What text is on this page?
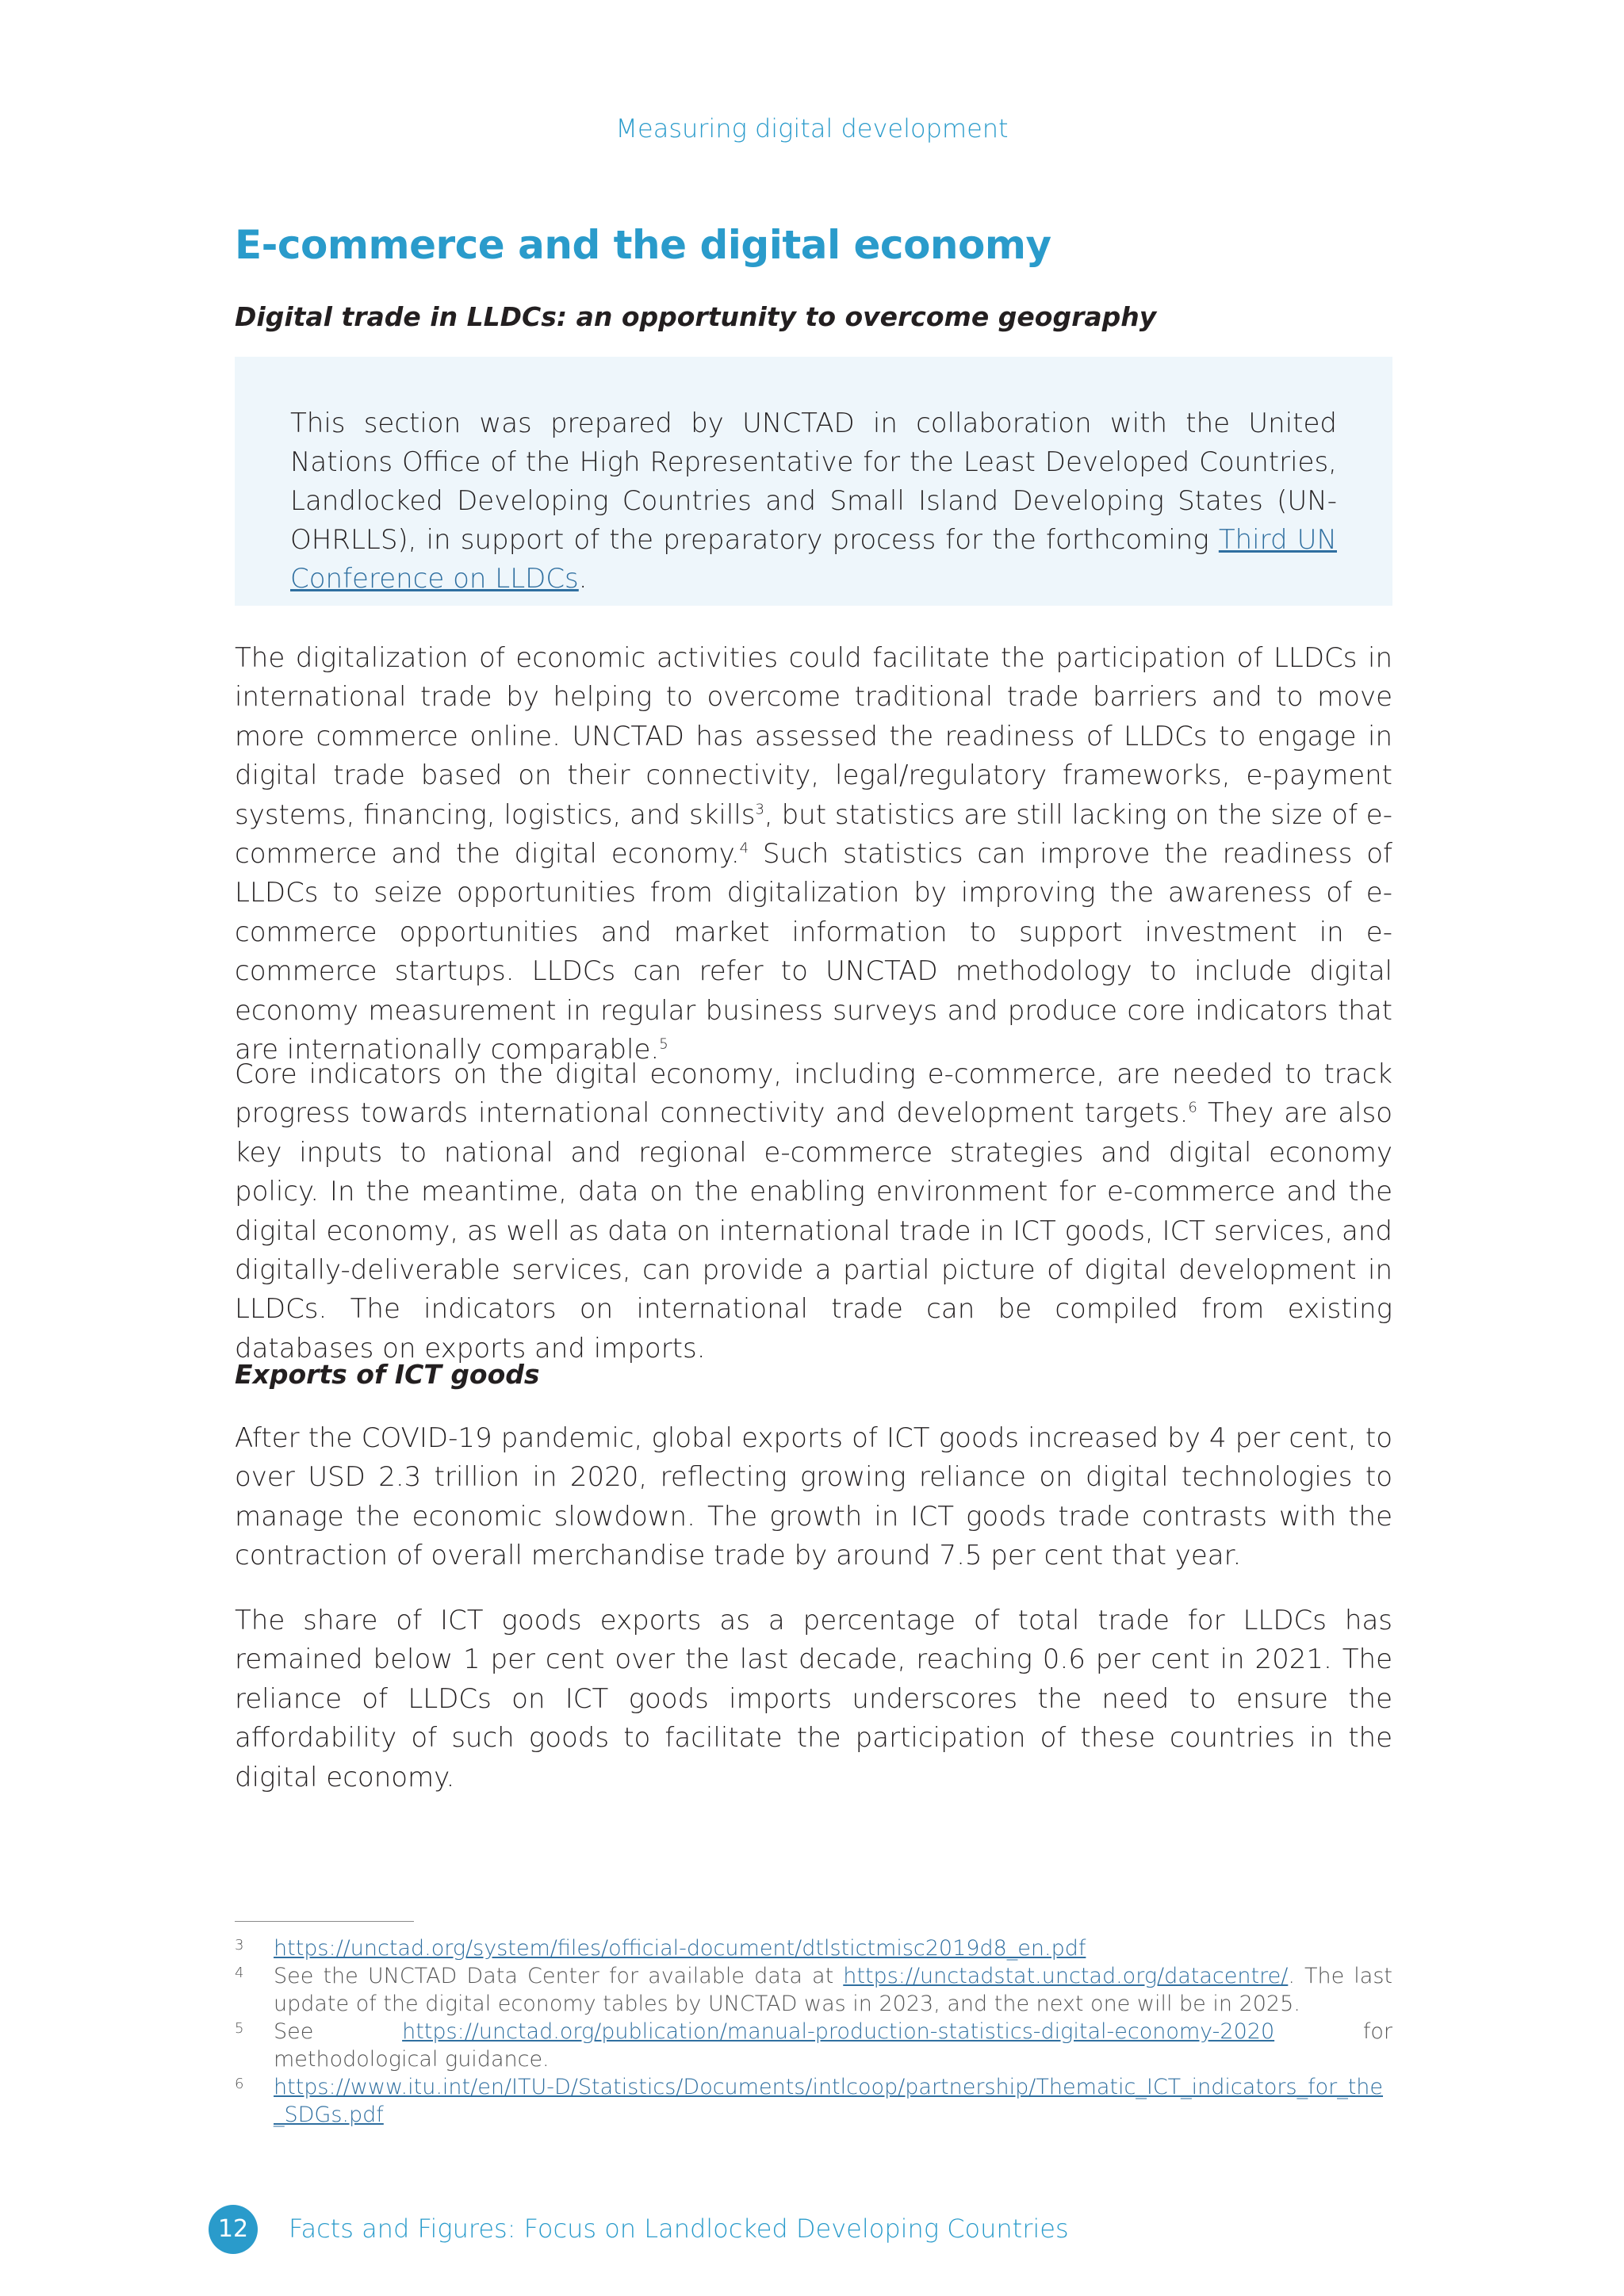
Measuring digital development
E-commerce and the digital economy

Digital trade in LLDCs: an opportunity to overcome geography

This section was prepared by UNCTAD in collaboration with the United Nations Office of the High Representative for the Least Developed Countries, Landlocked Developing Countries and Small Island Developing States (UN-OHRLLS), in support of the preparatory process for the forthcoming Third UN Conference on LLDCs.

The digitalization of economic activities could facilitate the participation of LLDCs in international trade by helping to overcome traditional trade barriers and to move more commerce online. UNCTAD has assessed the readiness of LLDCs to engage in digital trade based on their connectivity, legal/regulatory frameworks, e-payment systems, financing, logistics, and skills$^3$, but statistics are still lacking on the size of e-commerce and the digital economy.$^4$ Such statistics can improve the readiness of LLDCs to seize opportunities from digitalization by improving the awareness of e-commerce opportunities and market information to support investment in e-commerce startups. LLDCs can refer to UNCTAD methodology to include digital economy measurement in regular business surveys and produce core indicators that are internationally comparable.$^5$

Core indicators on the digital economy, including e-commerce, are needed to track progress towards international connectivity and development targets.$^6$ They are also key inputs to national and regional e-commerce strategies and digital economy policy. In the meantime, data on the enabling environment for e-commerce and the digital economy, as well as data on international trade in ICT goods, ICT services, and digitally-deliverable services, can provide a partial picture of digital development in LLDCs. The indicators on international trade can be compiled from existing databases on exports and imports.

Exports of ICT goods

After the COVID-19 pandemic, global exports of ICT goods increased by 4 per cent, to over USD 2.3 trillion in 2020, reflecting growing reliance on digital technologies to manage the economic slowdown. The growth in ICT goods trade contrasts with the contraction of overall merchandise trade by around 7.5 per cent that year.

The share of ICT goods exports as a percentage of total trade for LLDCs has remained below 1 per cent over the last decade, reaching 0.6 per cent in 2021. The reliance of LLDCs on ICT goods imports underscores the need to ensure the affordability of such goods to facilitate the participation of these countries in the digital economy.

3 https://unctad.org/system/files/official-document/dtlstictmisc2019d8_en.pdf

4 See the UNCTAD Data Center for available data at https://unctadstat.unctad.org/datacentre/. The last update of the digital economy tables by UNCTAD was in 2023, and the next one will be in 2025.

5 See https://unctad.org/publication/manual-production-statistics-digital-economy-2020 for methodological guidance.

6 https://www.itu.int/en/ITU-D/Statistics/Documents/intlcoop/partnership/Thematic_ICT_indicators_for_the_SDGs.pdf

12	Facts and Figures: Focus on Landlocked Developing Countries
